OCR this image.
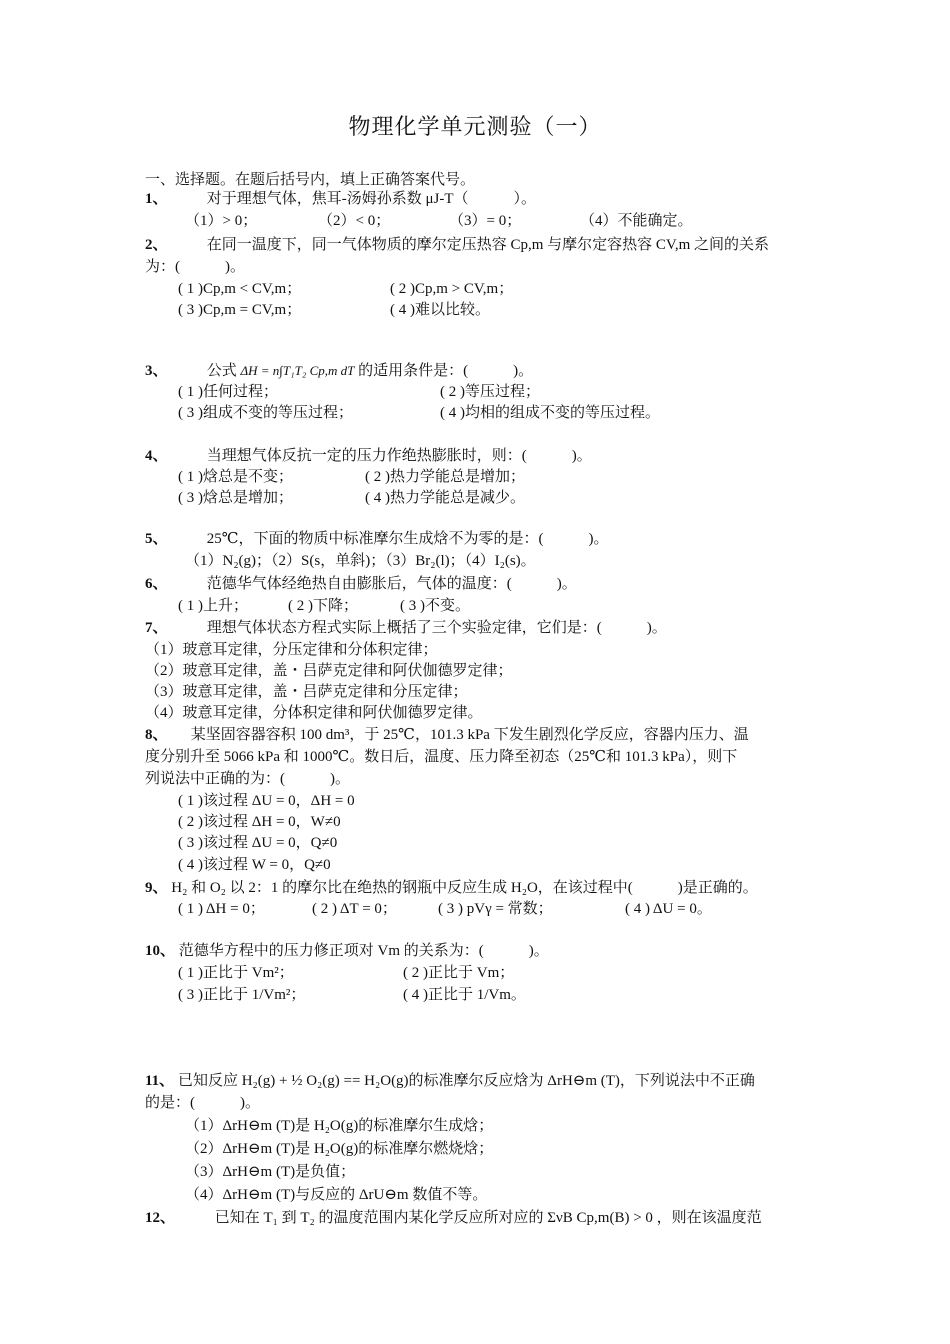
物理化学单元测验（一）
一、选择题。在题后括号内，填上正确答案代号。
1、	对于理想气体，焦耳-汤姆孙系数 μJ-T（　　　）。
（1）> 0；	（2）< 0；	（3）= 0；	（4）不能确定。
2、	在同一温度下，同一气体物质的摩尔定压热容 Cp,m 与摩尔定容热容 CV,m 之间的关系
为：(　　　)。
( 1 )Cp,m < CV,m；	( 2 )Cp,m > CV,m；
( 3 )Cp,m = CV,m；	( 4 )难以比较。
3、	公式 ΔH = n∫T₁T₂ Cp,m dT 的适用条件是：(　　　)。
( 1 )任何过程；	( 2 )等压过程；
( 3 )组成不变的等压过程；	( 4 )均相的组成不变的等压过程。
4、	当理想气体反抗一定的压力作绝热膨胀时，则：(　　　)。
( 1 )焓总是不变；	( 2 )热力学能总是增加；
( 3 )焓总是增加；	( 4 )热力学能总是减少。
5、	25℃，下面的物质中标准摩尔生成焓不为零的是：(　　　)。
（1）N₂(g)；（2）S(s，单斜)；（3）Br₂(l)；（4）I₂(s)。
6、	范德华气体经绝热自由膨胀后，气体的温度：(　　　)。
( 1 )上升；	( 2 )下降；	( 3 )不变。
7、	理想气体状态方程式实际上概括了三个实验定律，它们是：(　　　)。
（1）玻意耳定律，分压定律和分体积定律；
（2）玻意耳定律，盖・吕萨克定律和阿伏伽德罗定律；
（3）玻意耳定律，盖・吕萨克定律和分压定律；
（4）玻意耳定律，分体积定律和阿伏伽德罗定律。
8、 某坚固容器容积 100 dm³，于 25℃，101.3 kPa 下发生剧烈化学反应，容器内压力、温
度分别升至 5066 kPa 和 1000℃。数日后，温度、压力降至初态（25℃和 101.3 kPa），则下
列说法中正确的为：(　　　)。
( 1 )该过程 ΔU = 0，ΔH = 0
( 2 )该过程 ΔH = 0，W≠0
( 3 )该过程 ΔU = 0，Q≠0
( 4 )该过程 W = 0，Q≠0
9、 H₂ 和 O₂ 以 2：1 的摩尔比在绝热的钢瓶中反应生成 H₂O，在该过程中(　　　)是正确的。
( 1 ) ΔH = 0；	( 2 ) ΔT = 0；	( 3 ) pVγ = 常数；	( 4 ) ΔU = 0。
10、 范德华方程中的压力修正项对 Vm 的关系为：(　　　)。
( 1 )正比于 Vm²；	( 2 )正比于 Vm；
( 3 )正比于 1/Vm²；	( 4 )正比于 1/Vm。
11、 已知反应 H₂(g) + ½ O₂(g) == H₂O(g)的标准摩尔反应焓为 ΔrH⊖m (T)，下列说法中不正确
的是：(　　　)。
（1）ΔrH⊖m (T)是 H₂O(g)的标准摩尔生成焓；
（2）ΔrH⊖m (T)是 H₂O(g)的标准摩尔燃烧焓；
（3）ΔrH⊖m (T)是负值；
（4）ΔrH⊖m (T)与反应的 ΔrU⊖m 数值不等。
12、	已知在 T₁ 到 T₂ 的温度范围内某化学反应所对应的 ΣνB Cp,m(B) > 0 ，则在该温度范
